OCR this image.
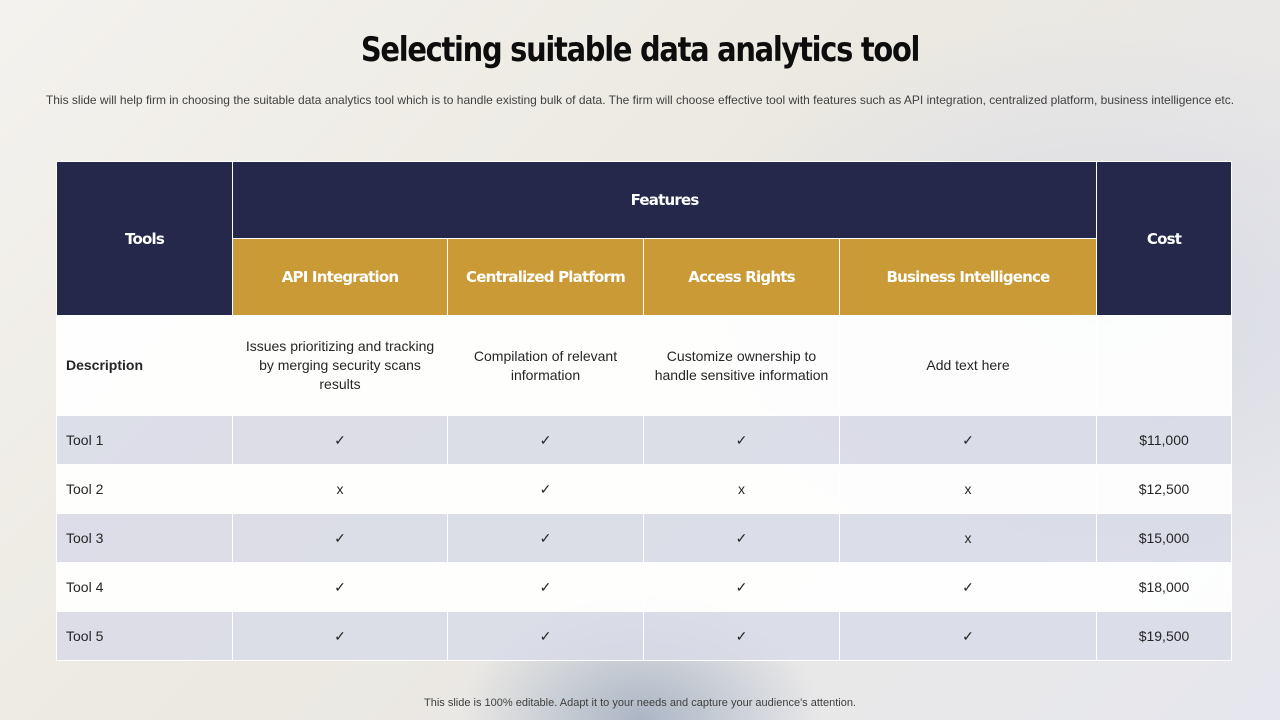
Selecting suitable data analytics tool
This slide will help firm in choosing the suitable data analytics tool which is to handle existing bulk of data. The firm will choose effective tool with features such as API integration, centralized platform, business intelligence etc.
Tools	Features				Cost
	API Integration	Centralized Platform	Access Rights	Business Intelligence	
Description	Issues prioritizing and tracking by merging security scans results	Compilation of relevant information	Customize ownership to handle sensitive information	Add text here	
Tool 1	✓	✓	✓	✓	$11,000
Tool 2	x	✓	x	x	$12,500
Tool 3	✓	✓	✓	x	$15,000
Tool 4	✓	✓	✓	✓	$18,000
Tool 5	✓	✓	✓	✓	$19,500
This slide is 100% editable. Adapt it to your needs and capture your audience's attention.
